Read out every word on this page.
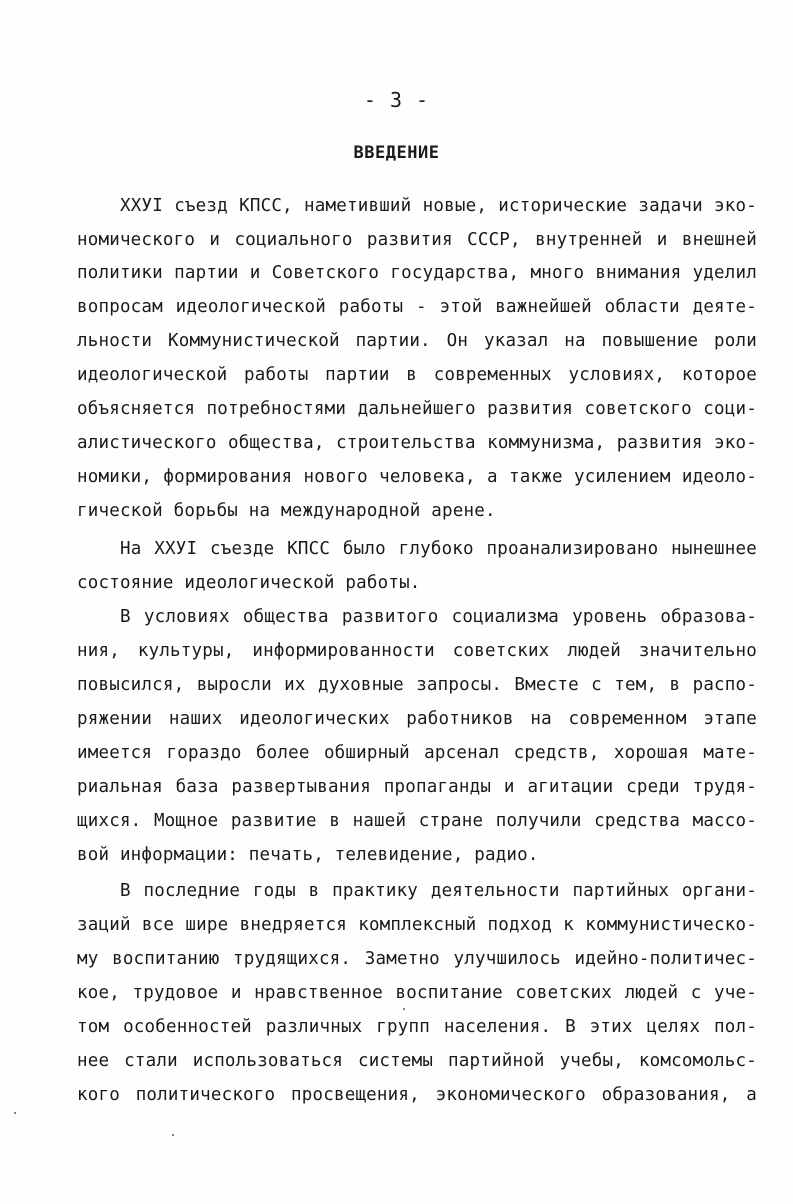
- 3 -
ВВЕДЕНИЕ
XXУI съезд КПСС, наметивший новые, исторические задачи эко-
номического и социального развития СССР, внутренней и внешней
политики партии и Советского государства, много внимания уделил
вопросам идеологической работы - этой важнейшей области деяте-
льности Коммунистической партии. Он указал на повышение роли
идеологической работы партии в современных условиях, которое
объясняется потребностями дальнейшего развития советского соци-
алистического общества, строительства коммунизма, развития эко-
номики, формирования нового человека, а также усилением идеоло-
гической борьбы на международной арене.
На XXУI съезде КПСС было глубоко проанализировано нынешнее
состояние идеологической работы.
В условиях общества развитого социализма уровень образова-
ния, культуры, информированности советских людей значительно
повысился, выросли их духовные запросы. Вместе с тем, в распо-
ряжении наших идеологических работников на современном этапе
имеется гораздо более обширный арсенал средств, хорошая мате-
риальная база развертывания пропаганды и агитации среди трудя-
щихся. Мощное развитие в нашей стране получили средства массо-
вой информации: печать, телевидение, радио.
В последние годы в практику деятельности партийных органи-
заций все шире внедряется комплексный подход к коммунистическо-
му воспитанию трудящихся. Заметно улучшилось идейно-политичес-
кое, трудовое и нравственное воспитание советских людей с уче-
том особенностей различных групп населения. В этих целях пол-
нее стали использоваться системы партийной учебы, комсомольс-
кого политического просвещения, экономического образования, а
